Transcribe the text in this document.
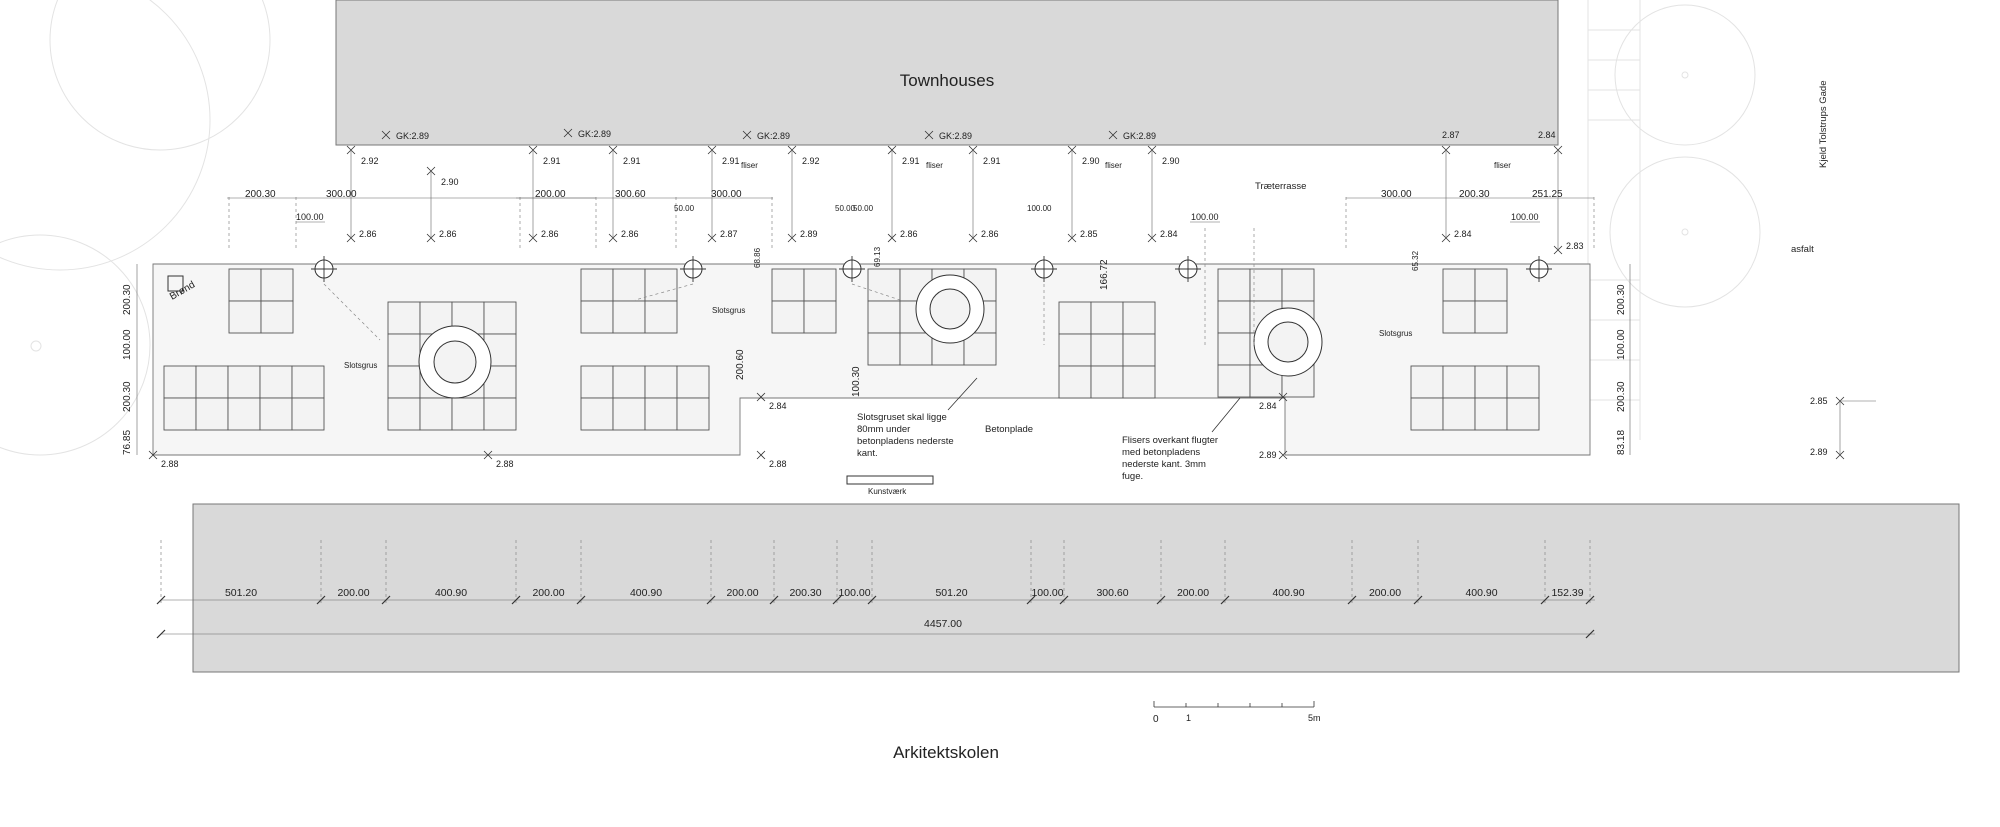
Townhouses
Arkitektskolen
Brønd
Slotsgrus
Slotsgrus
Slotsgrus
Betonplade
Træterrasse
asfalt
Kjeld Tolstrups Gade
fliser	fliser	fliser	fliser
Kunstværk
Slotsgruset skal ligge
80mm under
betonpladens nederste
kant.
Flisers overkant flugter
med betonpladens
nederste kant. 3mm
fuge.
GK:2.89	GK:2.89	GK:2.89	GK:2.89	GK:2.89
2.92
2.90
2.91	2.91	2.91	2.92	2.91	2.91	2.90	2.90
2.87	2.84
2.86	2.86	2.86	2.86	2.87	2.89	2.86	2.86	2.85	2.84	2.84
2.83
2.84	2.84
2.89
2.85
2.89
2.88	2.88	2.88
200.30	300.00
100.00
200.00	300.60	300.00
50.00	50.00
50.00	100.00
300.00	200.30	251.25
100.00	100.00
200.30
100.00
200.30
76.85
68.86	69.13
166.72	65.32
200.60
100.30
200.30
100.00
200.30
83.18
4457.00
501.20	200.00	400.90	200.00	400.90	200.00	200.30 100.00	501.20	100.00	300.60	200.00	400.90	200.00	400.90	152.39
0	1	5m
